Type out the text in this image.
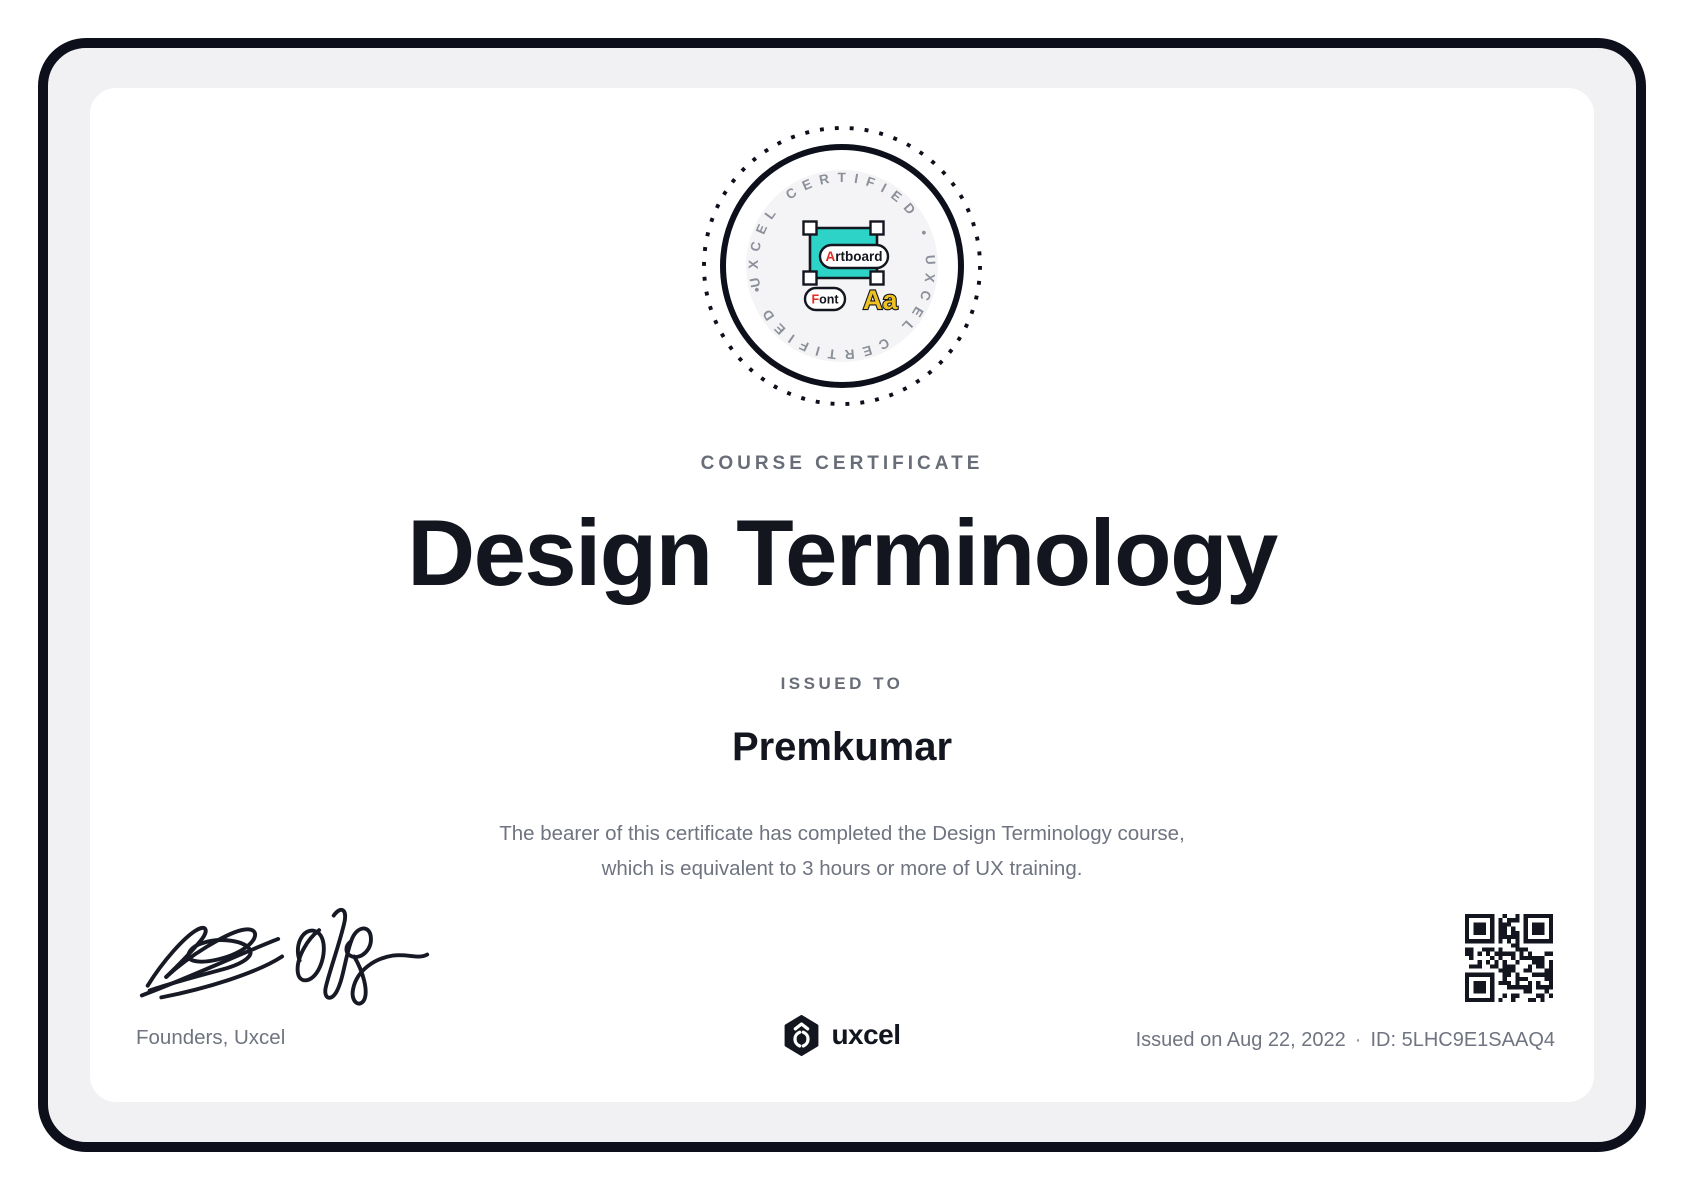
UXCEL CERTIFIED • UXCEL CERTIFIED •
Artboard
Font Aa
COURSE CERTIFICATE
Design Terminology
ISSUED TO
Premkumar
The bearer of this certificate has completed the Design Terminology course,
which is equivalent to 3 hours or more of UX training.
Founders, Uxcel	uxcel	Issued on Aug 22, 2022 · ID: 5LHC9E1SAAQ4
